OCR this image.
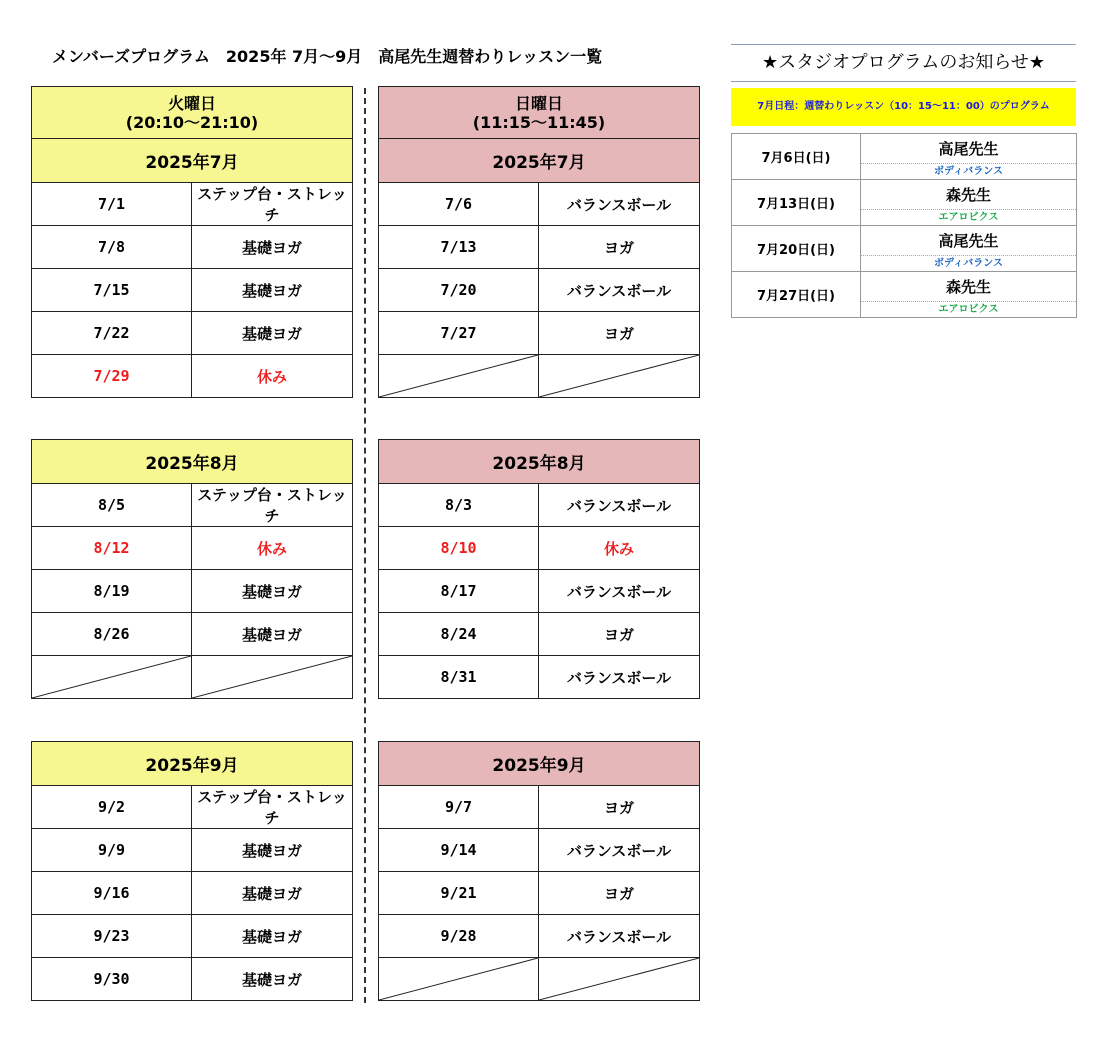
メンバーズプログラム　2025年 7月～9月　高尾先生週替わりレッスン一覧
火曜日
(20:10～21:10)	

2025年7月	
7/1	ステップ台・ストレッチ
7/8	基礎ヨガ
7/15	基礎ヨガ
7/22	基礎ヨガ
7/29	休み
2025年8月	
8/5	ステップ台・ストレッチ
8/12	休み
8/19	基礎ヨガ
8/26	基礎ヨガ

2025年9月	
9/2	ステップ台・ストレッチ
9/9	基礎ヨガ
9/16	基礎ヨガ
9/23	基礎ヨガ
9/30	基礎ヨガ
日曜日
(11:15～11:45)	

2025年7月	
7/6	バランスボール
7/13	ヨガ
7/20	バランスボール
7/27	ヨガ

2025年8月	
8/3	バランスボール
8/10	休み
8/17	バランスボール
8/24	ヨガ
8/31	バランスボール
2025年9月	
9/7	ヨガ
9/14	バランスボール
9/21	ヨガ
9/28	バランスボール

★スタジオプログラムのお知らせ★
7月日程：週替わりレッスン（10：15～11：00）のプログラム
7月6日(日)	高尾先生
ボディバランス

7月13日(日)	森先生
エアロビクス

7月20日(日)	高尾先生
ボディバランス

7月27日(日)	森先生
エアロビクス
